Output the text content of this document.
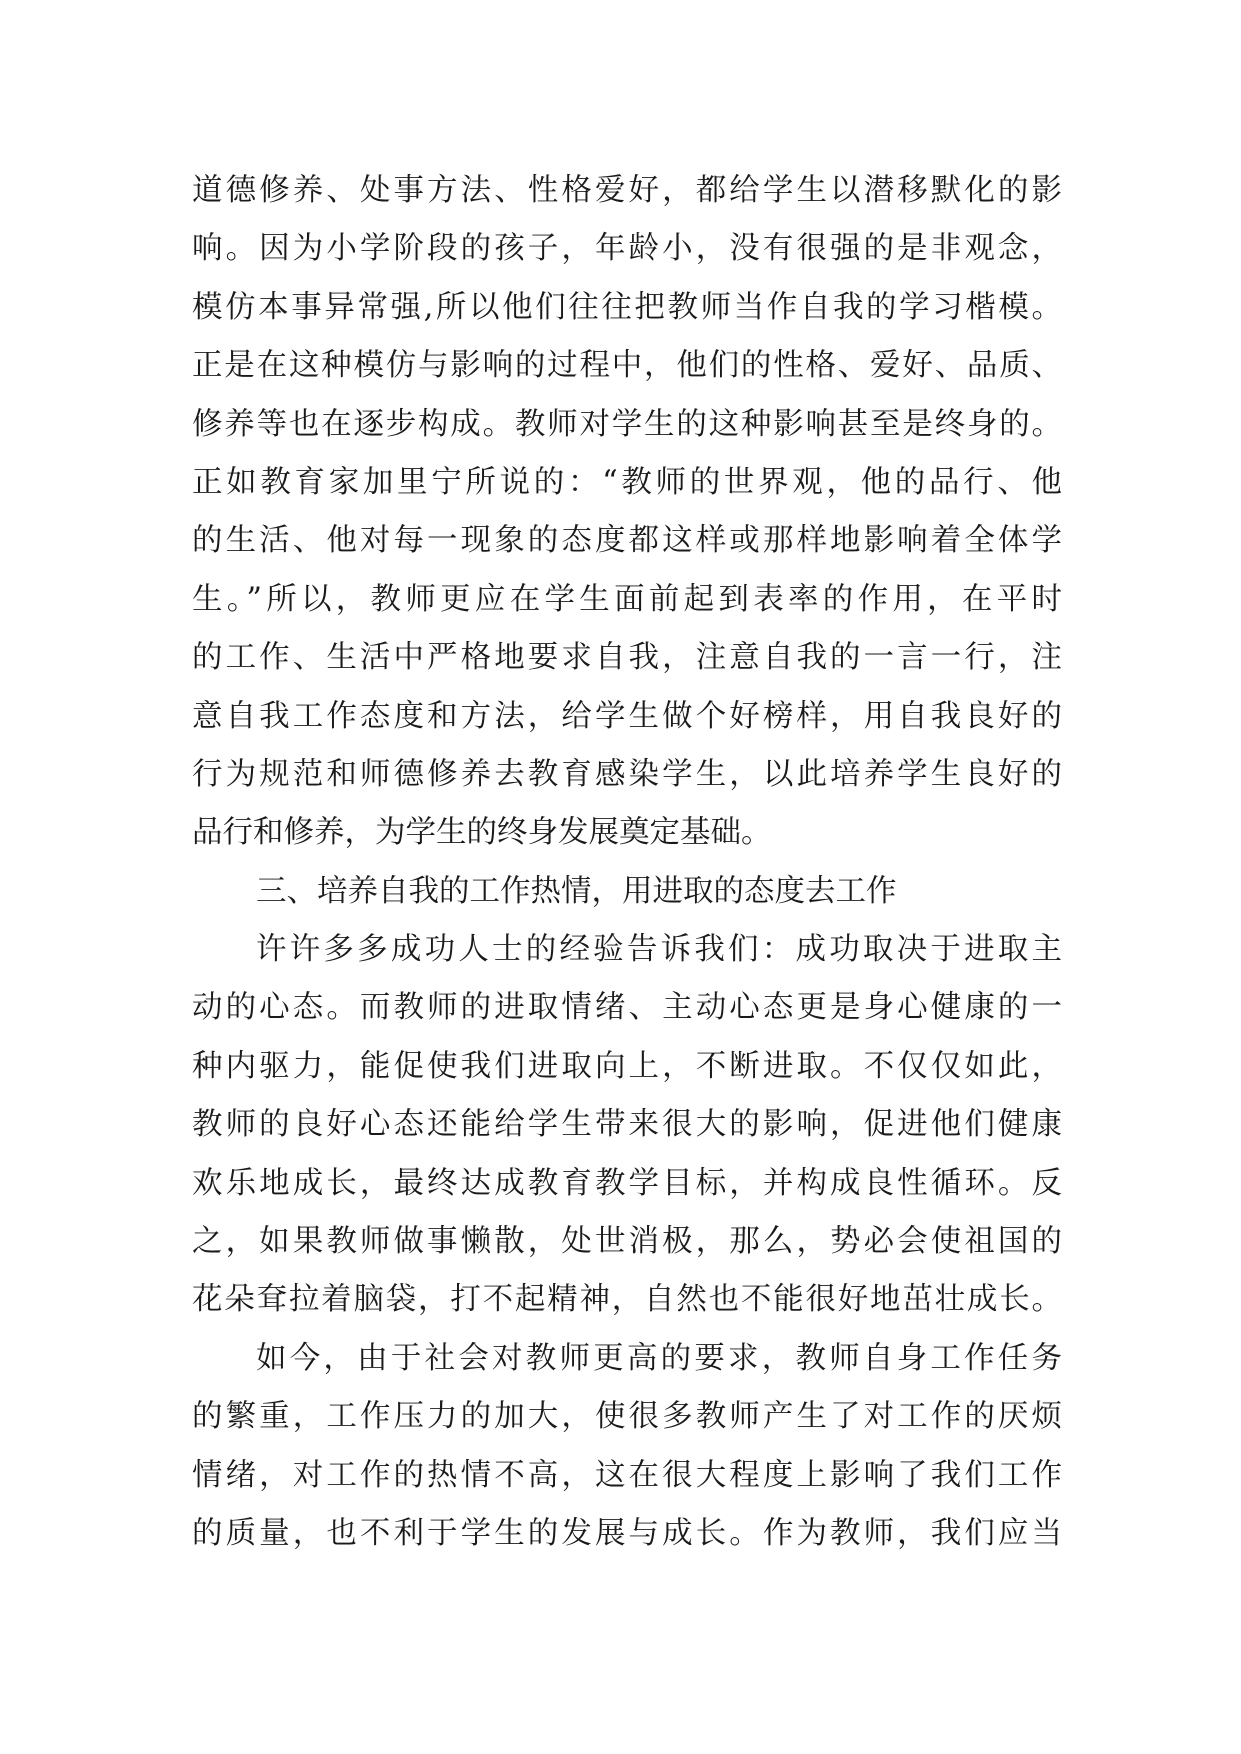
道德修养、处事方法、性格爱好，都给学生以潜移默化的影
响。因为小学阶段的孩子，年龄小，没有很强的是非观念，
模仿本事异常强,所以他们往往把教师当作自我的学习楷模。
正是在这种模仿与影响的过程中，他们的性格、爱好、品质、
修养等也在逐步构成。教师对学生的这种影响甚至是终身的。
正如教育家加里宁所说的：“教师的世界观，他的品行、他
的生活、他对每一现象的态度都这样或那样地影响着全体学
生。”所以，教师更应在学生面前起到表率的作用，在平时
的工作、生活中严格地要求自我，注意自我的一言一行，注
意自我工作态度和方法，给学生做个好榜样，用自我良好的
行为规范和师德修养去教育感染学生，以此培养学生良好的
品行和修养，为学生的终身发展奠定基础。
三、培养自我的工作热情，用进取的态度去工作
许许多多成功人士的经验告诉我们：成功取决于进取主
动的心态。而教师的进取情绪、主动心态更是身心健康的一
种内驱力，能促使我们进取向上，不断进取。不仅仅如此，
教师的良好心态还能给学生带来很大的影响，促进他们健康
欢乐地成长，最终达成教育教学目标，并构成良性循环。反
之，如果教师做事懒散，处世消极，那么，势必会使祖国的
花朵耷拉着脑袋，打不起精神，自然也不能很好地茁壮成长。
如今，由于社会对教师更高的要求，教师自身工作任务
的繁重，工作压力的加大，使很多教师产生了对工作的厌烦
情绪，对工作的热情不高，这在很大程度上影响了我们工作
的质量，也不利于学生的发展与成长。作为教师，我们应当
